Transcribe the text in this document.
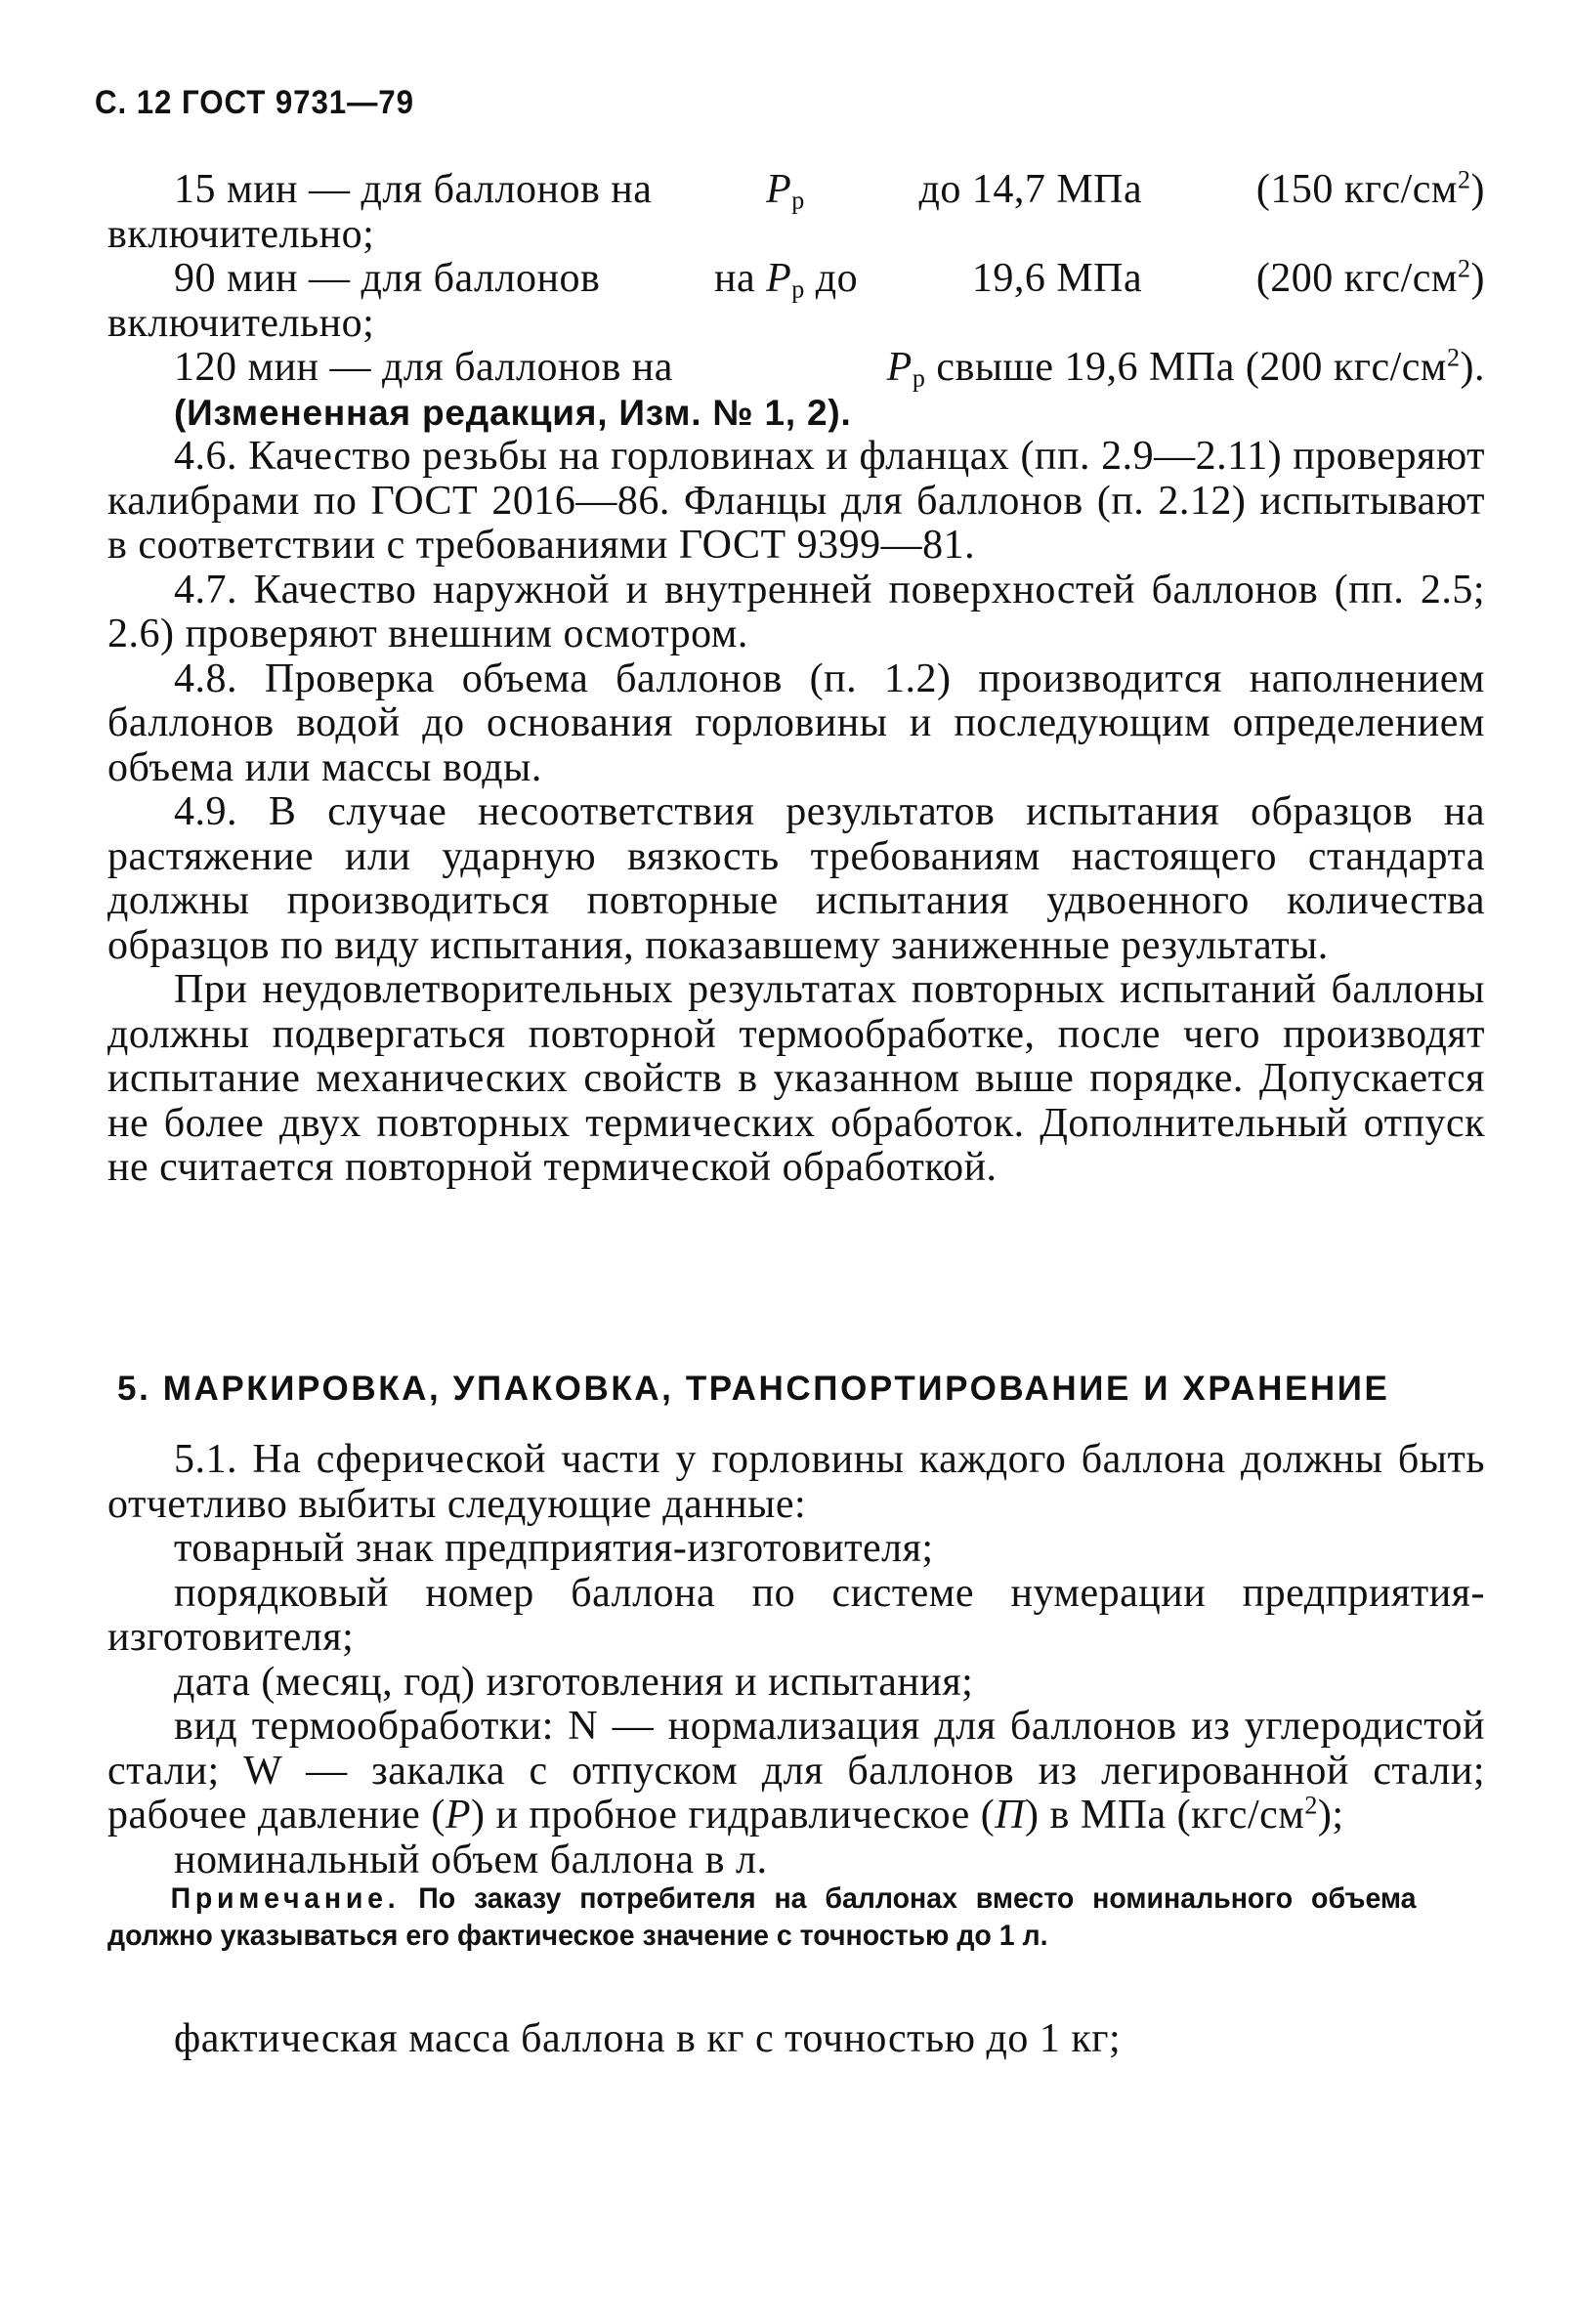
С. 12 ГОСТ 9731—79
15 мин — для баллонов на	$P_р$	до 14,7 МПа	(150 кгс/$см^2$)

включительно;

90 мин — для баллонов	на $P_р$ до	19,6 МПа	(200 кгс/$см^2$)

включительно;

120 мин — для баллонов на	$P_р$ свыше 19,6 МПа (200 кгс/$см^2$).

(Измененная редакция, Изм. № 1, 2).

4.6. Качество резьбы на горловинах и фланцах (пп. 2.9—2.11) проверяют калибрами по ГОСТ 2016—86. Фланцы для баллонов (п. 2.12) испытывают в соответствии с требованиями ГОСТ 9399—81.

4.7. Качество наружной и внутренней поверхностей баллонов (пп. 2.5; 2.6) проверяют внешним осмотром.

4.8. Проверка объема баллонов (п. 1.2) производится наполнением баллонов водой до основания горловины и последующим определением объема или массы воды.

4.9. В случае несоответствия результатов испытания образцов на растяжение или ударную вязкость требованиям настоящего стандарта должны производиться повторные испытания удвоенного количества образцов по виду испытания, показавшему заниженные результаты.

При неудовлетворительных результатах повторных испытаний баллоны должны подвергаться повторной термообработке, после чего производят испытание механических свойств в указанном выше порядке. Допускается не более двух повторных термических обработок. Дополнительный отпуск не считается повторной термической обработкой.

5. МАРКИРОВКА, УПАКОВКА, ТРАНСПОРТИРОВАНИЕ И ХРАНЕНИЕ

5.1. На сферической части у горловины каждого баллона должны быть отчетливо выбиты следующие данные:

товарный знак предприятия-изготовителя;

порядковый номер баллона по системе нумерации предприятия-изготовителя;

дата (месяц, год) изготовления и испытания;

вид термообработки: N — нормализация для баллонов из углеродистой стали; W — закалка с отпуском для баллонов из легированной стали; рабочее давление (P) и пробное гидравлическое (П) в МПа $(кгс/см^2)$;

номинальный объем баллона в л.

Примечание. По заказу потребителя на баллонах вместо номинального объема должно указываться его фактическое значение с точностью до 1 л.
фактическая масса баллона в кг с точностью до 1 кг;
